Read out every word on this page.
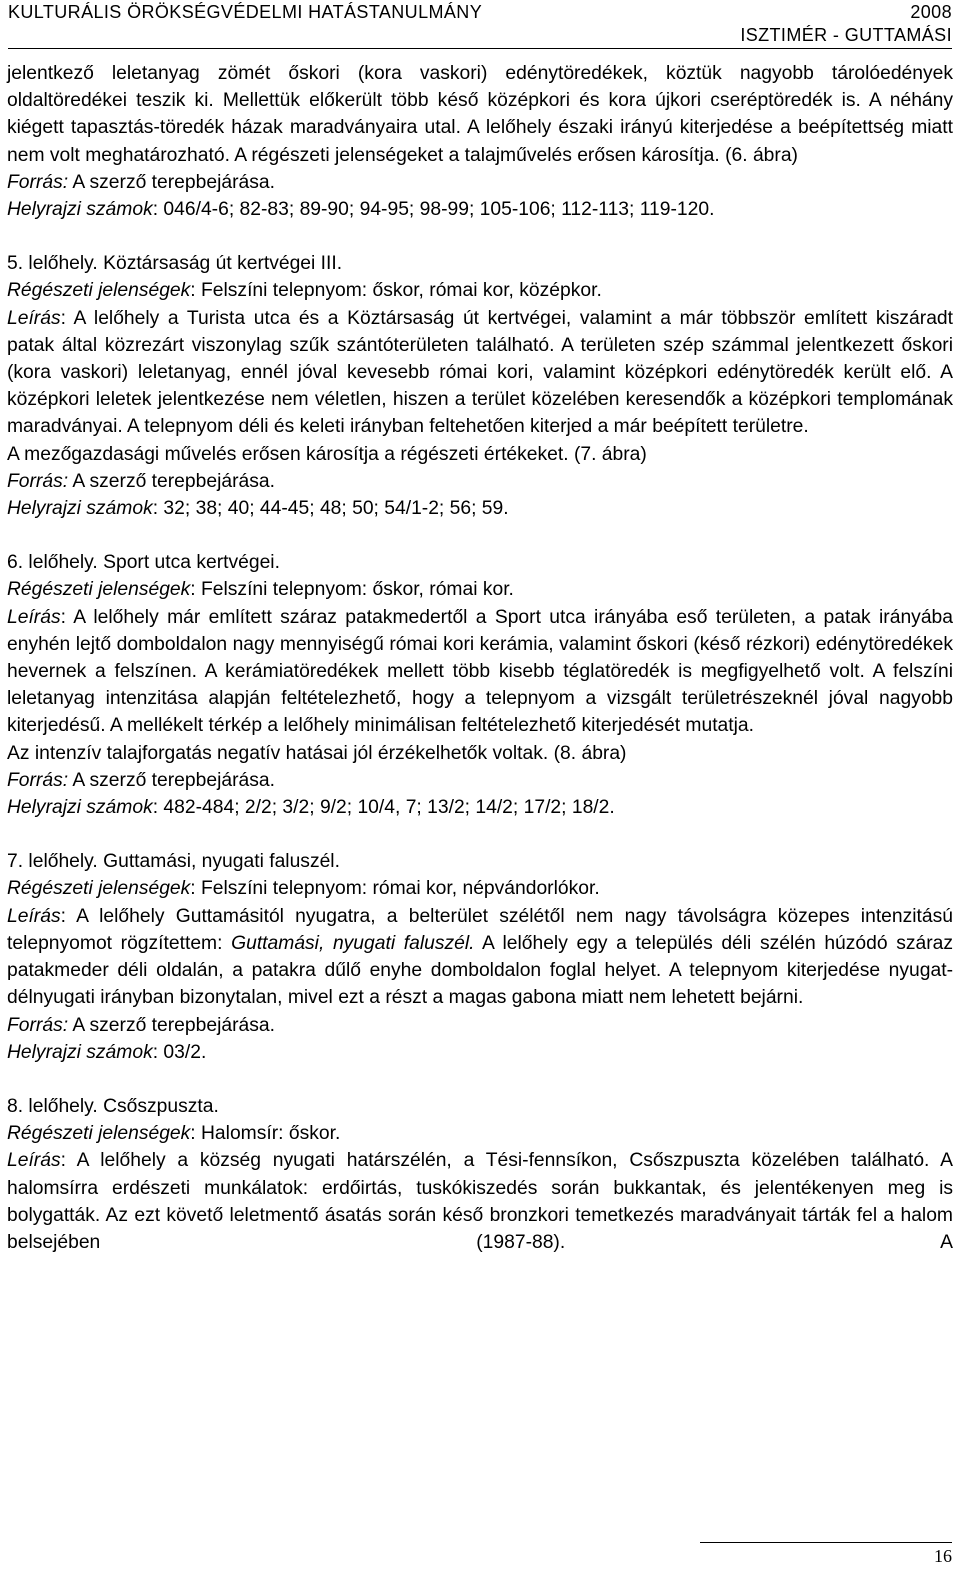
KULTURÁLIS ÖRÖKSÉGVÉDELMI HATÁSTANULMÁNY	2008
ISZTIMÉR - GUTTAMÁSI

jelentkező leletanyag zömét őskori (kora vaskori) edénytöredékek, köztük nagyobb tárolóedények oldaltöredékei teszik ki. Mellettük előkerült több késő középkori és kora újkori cseréptöredék is. A néhány kiégett tapasztás-töredék házak maradványaira utal. A lelőhely északi irányú kiterjedése a beépítettség miatt nem volt meghatározható. A régészeti jelenségeket a talajművelés erősen károsítja. (6. ábra)

Forrás: A szerző terepbejárása.
Helyrajzi számok: 046/4-6; 82-83; 89-90; 94-95; 98-99; 105-106; 112-113; 119-120.
5. lelőhely. Köztársaság út kertvégei III.
Régészeti jelenségek: Felszíni telepnyom: őskor, római kor, középkor.

Leírás: A lelőhely a Turista utca és a Köztársaság út kertvégei, valamint a már többször említett kiszáradt patak által közrezárt viszonylag szűk szántóterületen található. A területen szép számmal jelentkezett őskori (kora vaskori) leletanyag, ennél jóval kevesebb római kori, valamint középkori edénytöredék került elő. A középkori leletek jelentkezése nem véletlen, hiszen a terület közelében keresendők a középkori templomának maradványai. A telepnyom déli és keleti irányban feltehetően kiterjed a már beépített területre.

A mezőgazdasági művelés erősen károsítja a régészeti értékeket. (7. ábra)
Forrás: A szerző terepbejárása.
Helyrajzi számok: 32; 38; 40; 44-45; 48; 50; 54/1-2; 56; 59.
6. lelőhely. Sport utca kertvégei.
Régészeti jelenségek: Felszíni telepnyom: őskor, római kor.

Leírás: A lelőhely már említett száraz patakmedertől a Sport utca irányába eső területen, a patak irányába enyhén lejtő domboldalon nagy mennyiségű római kori kerámia, valamint őskori (késő rézkori) edénytöredékek hevernek a felszínen. A kerámiatöredékek mellett több kisebb téglatöredék is megfigyelhető volt. A felszíni leletanyag intenzitása alapján feltételezhető, hogy a telepnyom a vizsgált területrészeknél jóval nagyobb kiterjedésű. A mellékelt térkép a lelőhely minimálisan feltételezhető kiterjedését mutatja.

Az intenzív talajforgatás negatív hatásai jól érzékelhetők voltak. (8. ábra)
Forrás: A szerző terepbejárása.
Helyrajzi számok: 482-484; 2/2; 3/2; 9/2; 10/4, 7; 13/2; 14/2; 17/2; 18/2.
7. lelőhely. Guttamási, nyugati faluszél.
Régészeti jelenségek: Felszíni telepnyom: római kor, népvándorlókor.

Leírás: A lelőhely Guttamásitól nyugatra, a belterület szélétől nem nagy távolságra közepes intenzitású telepnyomot rögzítettem: Guttamási, nyugati faluszél. A lelőhely egy a település déli szélén húzódó száraz patakmeder déli oldalán, a patakra dűlő enyhe domboldalon foglal helyet. A telepnyom kiterjedése nyugat-délnyugati irányban bizonytalan, mivel ezt a részt a magas gabona miatt nem lehetett bejárni.

Forrás: A szerző terepbejárása.
Helyrajzi számok: 03/2.
8. lelőhely. Csőszpuszta.
Régészeti jelenségek: Halomsír: őskor.

Leírás: A lelőhely a község nyugati határszélén, a Tési-fennsíkon, Csőszpuszta közelében található. A halomsírra erdészeti munkálatok: erdőirtás, tuskókiszedés során bukkantak, és jelentékenyen meg is bolygatták. Az ezt követő leletmentő ásatás során késő bronzkori temetkezés maradványait tárták fel a halom belsejében (1987-88). A

16
